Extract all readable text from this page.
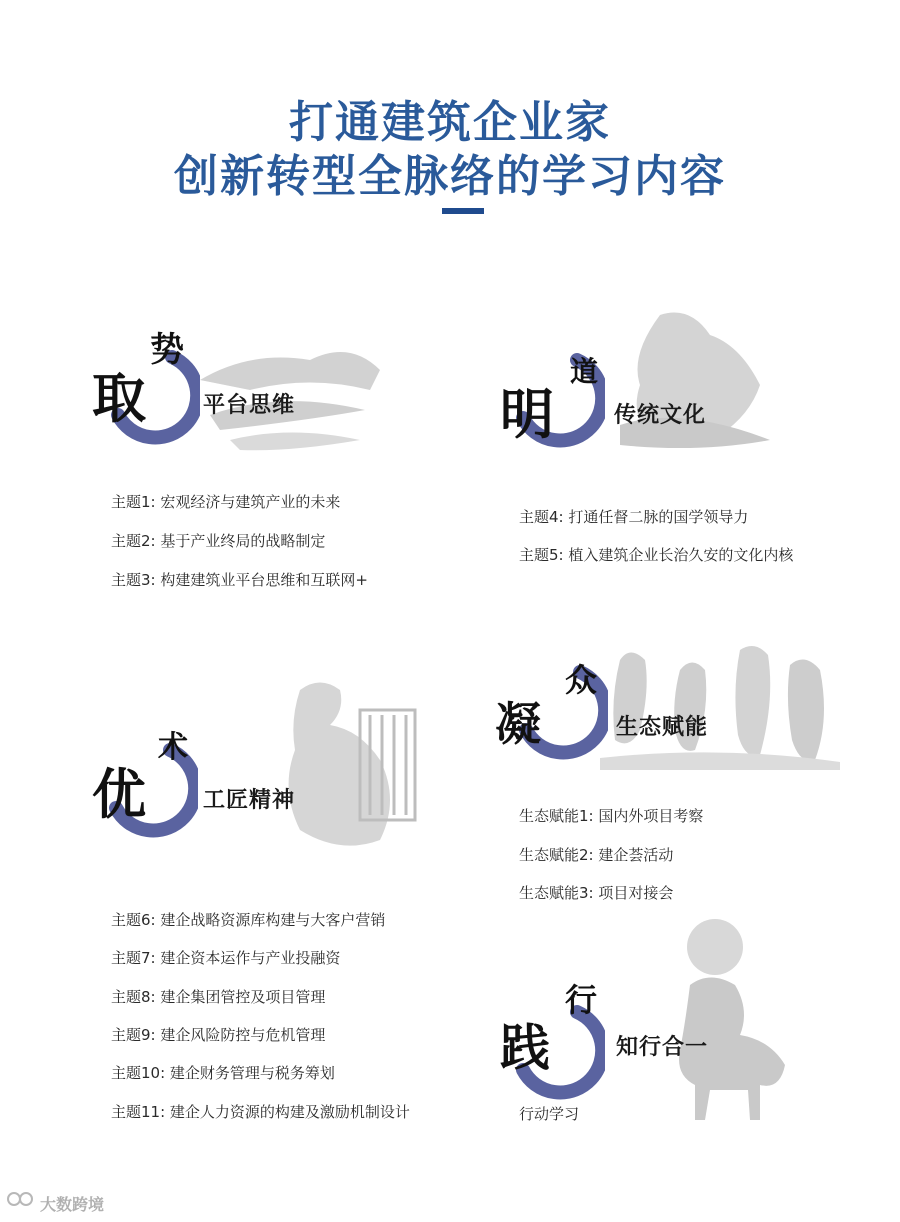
打通建筑企业家
创新转型全脉络的学习内容
取
势
平台思维
主题1: 宏观经济与建筑产业的未来
主题2: 基于产业终局的战略制定
主题3: 构建建筑业平台思维和互联网+
明
道
传统文化
主题4: 打通任督二脉的国学领导力
主题5: 植入建筑企业长治久安的文化内核
优
术
工匠精神
主题6: 建企战略资源库构建与大客户营销
主题7: 建企资本运作与产业投融资
主题8: 建企集团管控及项目管理
主题9: 建企风险防控与危机管理
主题10: 建企财务管理与税务筹划
主题11: 建企人力资源的构建及激励机制设计
凝
众
生态赋能
生态赋能1: 国内外项目考察
生态赋能2: 建企荟活动
生态赋能3: 项目对接会
践
行
知行合一
行动学习
大数跨境
